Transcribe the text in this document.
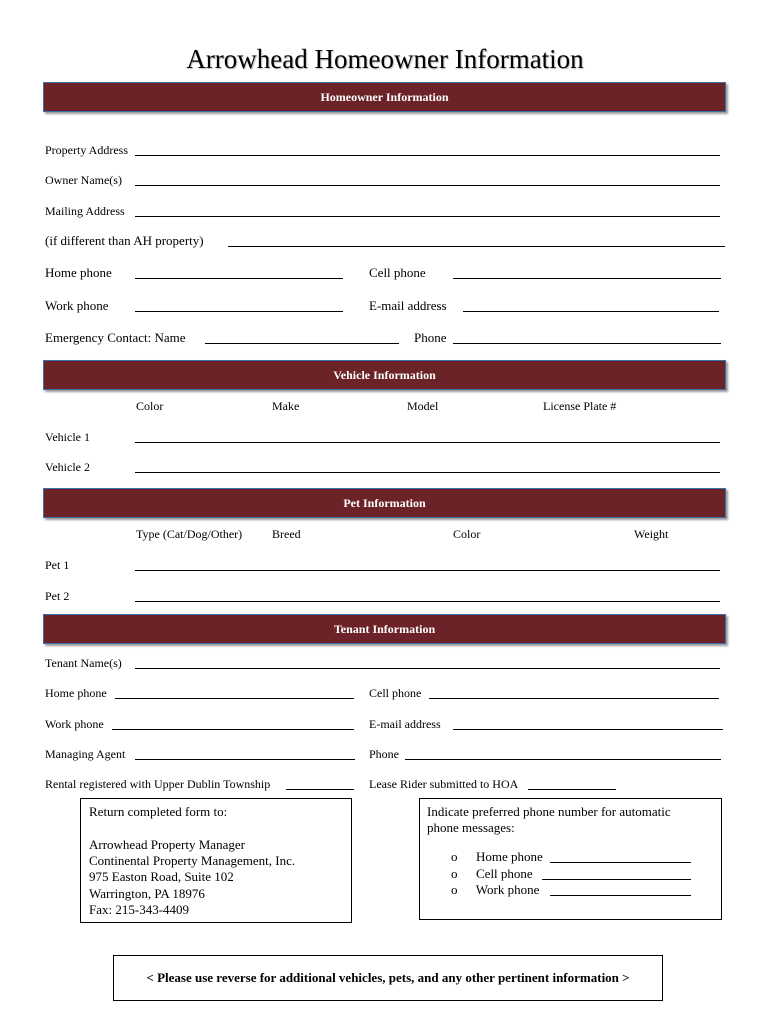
Arrowhead Homeowner Information
Homeowner Information
Property Address
Owner Name(s)
Mailing Address
(if different than AH property)
Home phone	Cell phone
Work phone	E-mail address
Emergency Contact: Name	Phone
Vehicle Information
Color	Make	Model	License Plate #
Vehicle 1
Vehicle 2
Pet Information
Type (Cat/Dog/Other) Breed	Color	Weight
Pet 1
Pet 2
Tenant Information
Tenant Name(s)
Home phone	Cell phone
Work phone	E-mail address
Managing Agent	Phone
Rental registered with Upper Dublin Township	Lease Rider submitted to HOA
Return completed form to:
Arrowhead Property Manager
Continental Property Management, Inc.
975 Easton Road, Suite 102
Warrington, PA 18976
Fax: 215-343-4409
Indicate preferred phone number for automatic
phone messages:
o Home phone
o Cell phone
o Work phone
< Please use reverse for additional vehicles, pets, and any other pertinent information >
